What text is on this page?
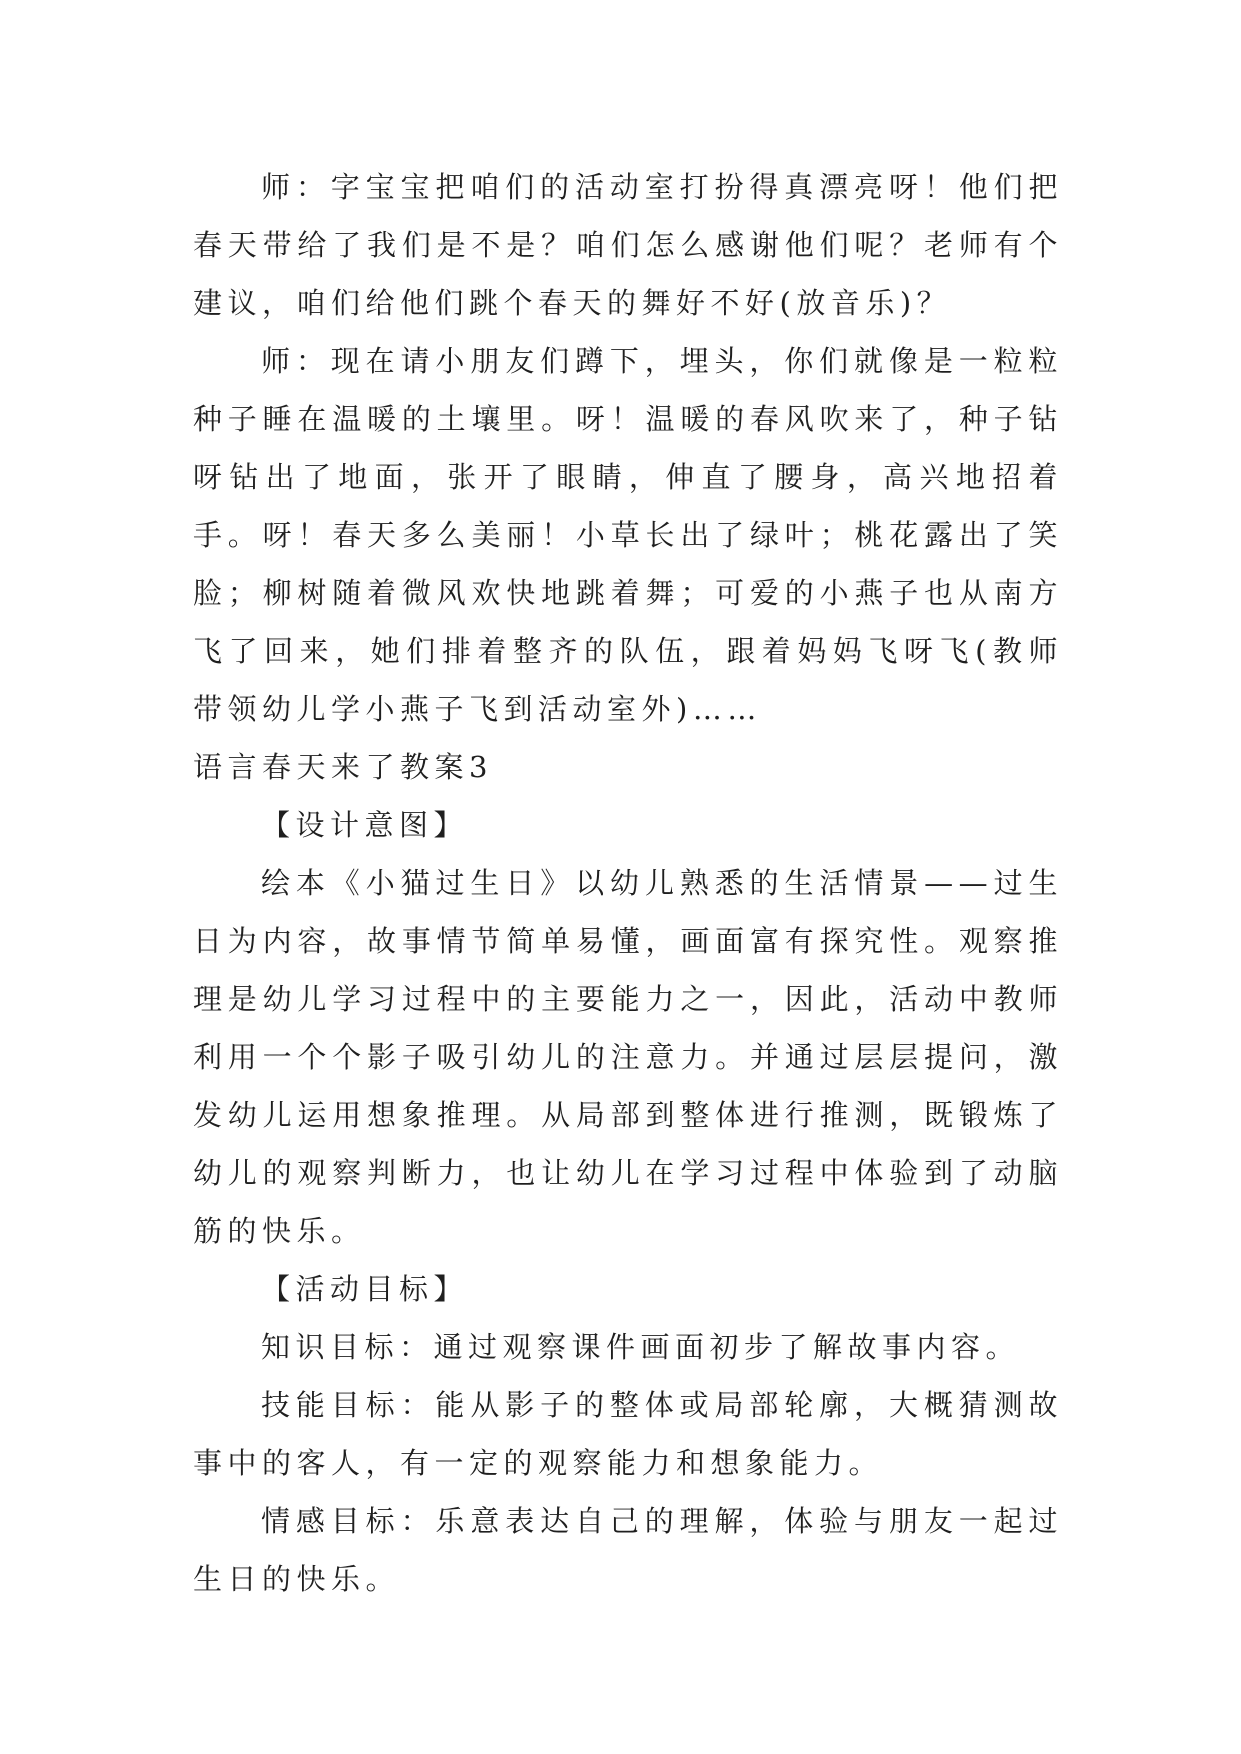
师：字宝宝把咱们的活动室打扮得真漂亮呀！他们把春天带给了我们是不是？咱们怎么感谢他们呢？老师有个建议，咱们给他们跳个春天的舞好不好(放音乐)？

师：现在请小朋友们蹲下，埋头，你们就像是一粒粒种子睡在温暖的土壤里。呀！温暖的春风吹来了，种子钻呀钻出了地面，张开了眼睛，伸直了腰身，高兴地招着手。呀！春天多么美丽！小草长出了绿叶；桃花露出了笑脸；柳树随着微风欢快地跳着舞；可爱的小燕子也从南方飞了回来，她们排着整齐的队伍，跟着妈妈飞呀飞(教师带领幼儿学小燕子飞到活动室外)……

语言春天来了教案3

【设计意图】

绘本《小猫过生日》以幼儿熟悉的生活情景——过生日为内容，故事情节简单易懂，画面富有探究性。观察推理是幼儿学习过程中的主要能力之一，因此，活动中教师利用一个个影子吸引幼儿的注意力。并通过层层提问，激发幼儿运用想象推理。从局部到整体进行推测，既锻炼了幼儿的观察判断力，也让幼儿在学习过程中体验到了动脑筋的快乐。

【活动目标】

知识目标：通过观察课件画面初步了解故事内容。

技能目标：能从影子的整体或局部轮廓，大概猜测故事中的客人，有一定的观察能力和想象能力。

情感目标：乐意表达自己的理解，体验与朋友一起过生日的快乐。
